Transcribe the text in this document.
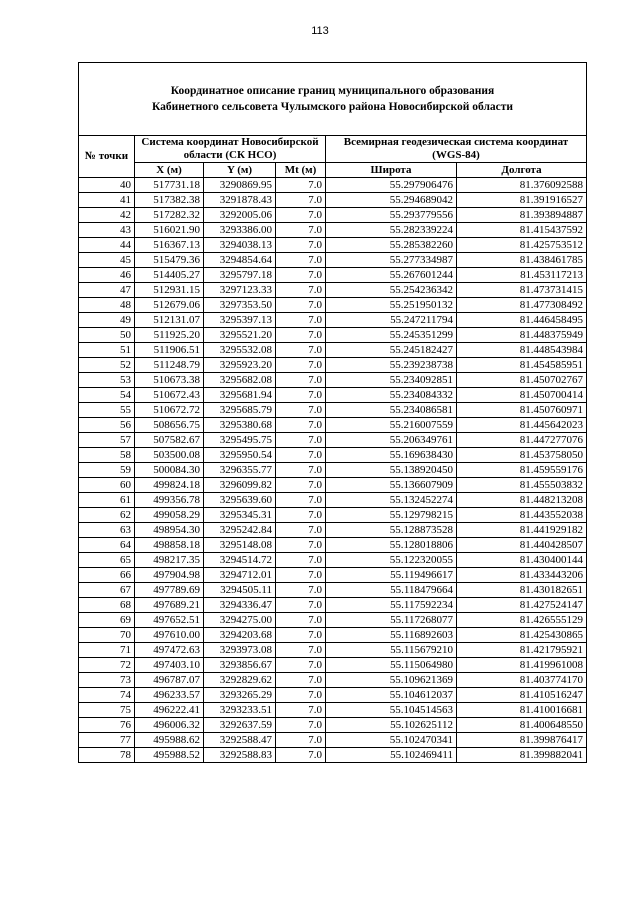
113
Координатное описание границ муниципального образования
Кабинетного сельсовета Чулымского района Новосибирской области					

№ точки	Система координат Новосибирской области (СК НСО)			Всемирная геодезическая система координат (WGS-84)	
	X (м)	Y (м)	Mt (м)	Широта	Долгота
40	517731.18	3290869.95	7.0	55.297906476	81.376092588
41	517382.38	3291878.43	7.0	55.294689042	81.391916527
42	517282.32	3292005.06	7.0	55.293779556	81.393894887
43	516021.90	3293386.00	7.0	55.282339224	81.415437592
44	516367.13	3294038.13	7.0	55.285382260	81.425753512
45	515479.36	3294854.64	7.0	55.277334987	81.438461785
46	514405.27	3295797.18	7.0	55.267601244	81.453117213
47	512931.15	3297123.33	7.0	55.254236342	81.473731415
48	512679.06	3297353.50	7.0	55.251950132	81.477308492
49	512131.07	3295397.13	7.0	55.247211794	81.446458495
50	511925.20	3295521.20	7.0	55.245351299	81.448375949
51	511906.51	3295532.08	7.0	55.245182427	81.448543984
52	511248.79	3295923.20	7.0	55.239238738	81.454585951
53	510673.38	3295682.08	7.0	55.234092851	81.450702767
54	510672.43	3295681.94	7.0	55.234084332	81.450700414
55	510672.72	3295685.79	7.0	55.234086581	81.450760971
56	508656.75	3295380.68	7.0	55.216007559	81.445642023
57	507582.67	3295495.75	7.0	55.206349761	81.447277076
58	503500.08	3295950.54	7.0	55.169638430	81.453758050
59	500084.30	3296355.77	7.0	55.138920450	81.459559176
60	499824.18	3296099.82	7.0	55.136607909	81.455503832
61	499356.78	3295639.60	7.0	55.132452274	81.448213208
62	499058.29	3295345.31	7.0	55.129798215	81.443552038
63	498954.30	3295242.84	7.0	55.128873528	81.441929182
64	498858.18	3295148.08	7.0	55.128018806	81.440428507
65	498217.35	3294514.72	7.0	55.122320055	81.430400144
66	497904.98	3294712.01	7.0	55.119496617	81.433443206
67	497789.69	3294505.11	7.0	55.118479664	81.430182651
68	497689.21	3294336.47	7.0	55.117592234	81.427524147
69	497652.51	3294275.00	7.0	55.117268077	81.426555129
70	497610.00	3294203.68	7.0	55.116892603	81.425430865
71	497472.63	3293973.08	7.0	55.115679210	81.421795921
72	497403.10	3293856.67	7.0	55.115064980	81.419961008
73	496787.07	3292829.62	7.0	55.109621369	81.403774170
74	496233.57	3293265.29	7.0	55.104612037	81.410516247
75	496222.41	3293233.51	7.0	55.104514563	81.410016681
76	496006.32	3292637.59	7.0	55.102625112	81.400648550
77	495988.62	3292588.47	7.0	55.102470341	81.399876417
78	495988.52	3292588.83	7.0	55.102469411	81.399882041
